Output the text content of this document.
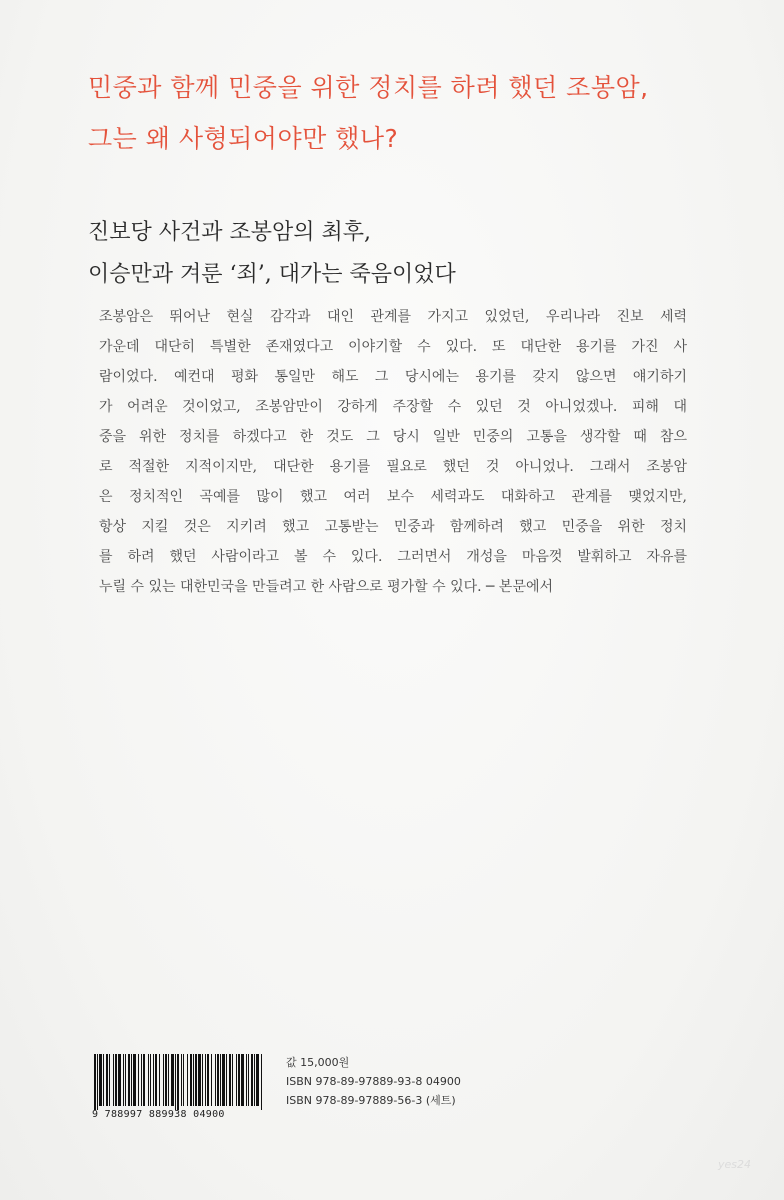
민중과 함께 민중을 위한 정치를 하려 했던 조봉암,
그는 왜 사형되어야만 했나?
진보당 사건과 조봉암의 최후,
이승만과 겨룬 ‘죄’, 대가는 죽음이었다
조봉암은 뛰어난 현실 감각과 대인 관계를 가지고 있었던, 우리나라 진보 세력
가운데 대단히 특별한 존재였다고 이야기할 수 있다. 또 대단한 용기를 가진 사
람이었다. 예컨대 평화 통일만 해도 그 당시에는 용기를 갖지 않으면 얘기하기
가 어려운 것이었고, 조봉암만이 강하게 주장할 수 있던 것 아니었겠나. 피해 대
중을 위한 정치를 하겠다고 한 것도 그 당시 일반 민중의 고통을 생각할 때 참으
로 적절한 지적이지만, 대단한 용기를 필요로 했던 것 아니었나. 그래서 조봉암
은 정치적인 곡예를 많이 했고 여러 보수 세력과도 대화하고 관계를 맺었지만,
항상 지킬 것은 지키려 했고 고통받는 민중과 함께하려 했고 민중을 위한 정치
를 하려 했던 사람이라고 볼 수 있다. 그러면서 개성을 마음껏 발휘하고 자유를
누릴 수 있는 대한민국을 만들려고 한 사람으로 평가할 수 있다. ─ 본문에서
9 788997 889938 04900
값 15,000원
ISBN 978-89-97889-93-8 04900
ISBN 978-89-97889-56-3 (세트)
yes24
